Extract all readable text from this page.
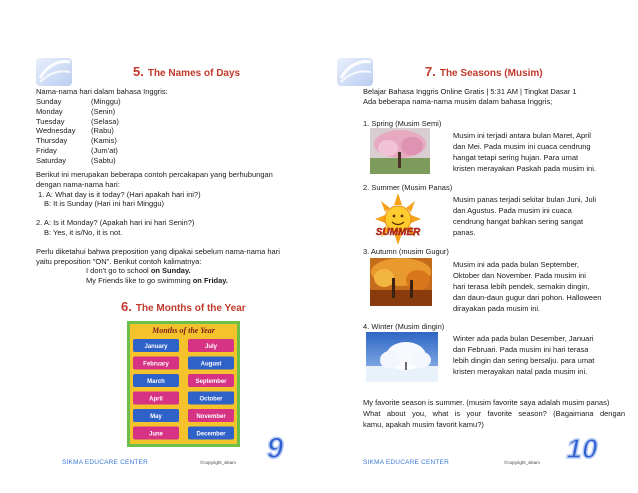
5. The Names of Days
Nama-nama hari dalam bahasa Inggris:
Sunday	(Minggu)
Monday	(Senin)
Tuesday	(Selasa)
Wednesday	(Rabu)
Thursday	(Kamis)
Friday	(Jum'at)
Saturday	(Sabtu)
Berikut ini merupakan beberapa contoh percakapan yang berhubungan
dengan nama-nama hari:
1. A: What day is it today? (Hari apakah hari ini?)
B: It is Sunday (Hari ini hari Minggu)
2. A: Is it Monday? (Apakah hari ini hari Senin?)
B: Yes, it is/No, it is not.
Perlu diketahui bahwa preposition yang dipakai sebelum nama-nama hari
yaitu preposition "ON". Berikut contoh kalimatnya:
I don't go to school on Sunday.
My Friends like to go swimming on Friday.
6. The Months of the Year
Months of the Year
January
February
March
April
May
June
July
August
September
October
November
December
SIKMA EDUCARE CENTER	©copyright_sikam 9
7. The Seasons (Musim)
Belajar Bahasa Inggris Online Gratis | 5:31 AM | Tingkat Dasar 1
Ada beberapa nama-nama musim dalam bahasa Inggris;
1. Spring (Musim Semi)
Musim ini terjadi antara bulan Maret, April
dan Mei. Pada musim ini cuaca cendrung
hangat tetapi sering hujan. Para umat
kristen merayakan Paskah pada musim ini.
2. Summer (Musim Panas)
SUMMER
Musim panas terjadi sekitar bulan Juni, Juli
dan Agustus. Pada musim ini cuaca
cendrung hangat bahkan sering sangat
panas.
3. Autumn (musim Gugur)
Musim ini ada pada bulan September,
Oktober dan November. Pada musim ini
hari terasa lebih pendek, semakin dingin,
dan daun-daun gugur dari pohon. Halloween
dirayakan pada musim ini.
4. Winter (Musim dingin)
Winter ada pada bulan Desember, Januari
dan Februari. Pada musim ini hari terasa
lebih dingin dan sering bersalju. para umat
kristen merayakan natal pada musim ini.
My favorite season is summer. (musim favorite saya adalah musim panas)
What about you, what is your favorite season? (Bagaimana dengan
kamu, apakah musim favorit kamu?)
SIKMA EDUCARE CENTER	©copyright_sikam 10
